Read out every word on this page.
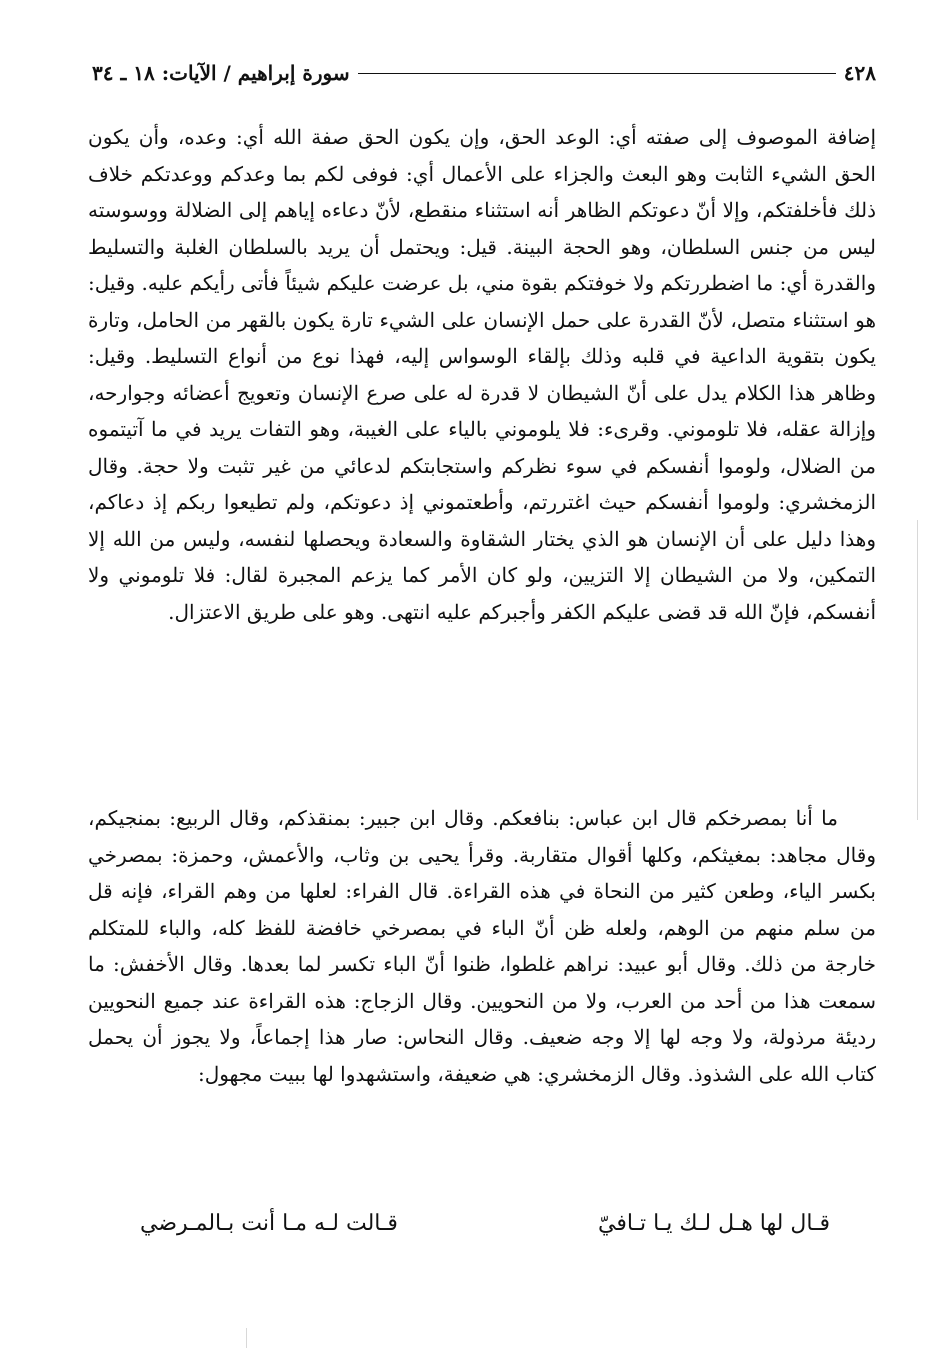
٤٢٨
سورة إبراهيم / الآيات: ١٨ ـ ٣٤

إضافة الموصوف إلى صفته أي: الوعد الحق، وإن يكون الحق صفة الله أي: وعده، وأن يكون الحق الشيء الثابت وهو البعث والجزاء على الأعمال أي: فوفى لكم بما وعدكم ووعدتكم خلاف ذلك فأخلفتكم، وإلا أنّ دعوتكم الظاهر أنه استثناء منقطع، لأنّ دعاءه إياهم إلى الضلالة ووسوسته ليس من جنس السلطان، وهو الحجة البينة. قيل: ويحتمل أن يريد بالسلطان الغلبة والتسليط والقدرة أي: ما اضطررتكم ولا خوفتكم بقوة مني، بل عرضت عليكم شيئاً فأتى رأيكم عليه. وقيل: هو استثناء متصل، لأنّ القدرة على حمل الإنسان على الشيء تارة يكون بالقهر من الحامل، وتارة يكون بتقوية الداعية في قلبه وذلك بإلقاء الوسواس إليه، فهذا نوع من أنواع التسليط. وقيل: وظاهر هذا الكلام يدل على أنّ الشيطان لا قدرة له على صرع الإنسان وتعويج أعضائه وجوارحه، وإزالة عقله، فلا تلوموني. وقرىء: فلا يلوموني بالياء على الغيبة، وهو التفات يريد في ما آتيتموه من الضلال، ولوموا أنفسكم في سوء نظركم واستجابتكم لدعائي من غير تثبت ولا حجة. وقال الزمخشري: ولوموا أنفسكم حيث اغتررتم، وأطعتموني إذ دعوتكم، ولم تطيعوا ربكم إذ دعاكم، وهذا دليل على أن الإنسان هو الذي يختار الشقاوة والسعادة ويحصلها لنفسه، وليس من الله إلا التمكين، ولا من الشيطان إلا التزيين، ولو كان الأمر كما يزعم المجبرة لقال: فلا تلوموني ولا أنفسكم، فإنّ الله قد قضى عليكم الكفر وأجبركم عليه انتهى. وهو على طريق الاعتزال.

ما أنا بمصرخكم قال ابن عباس: بنافعكم. وقال ابن جبير: بمنقذكم، وقال الربيع: بمنجيكم، وقال مجاهد: بمغيثكم، وكلها أقوال متقاربة. وقرأ يحيى بن وثاب، والأعمش، وحمزة: بمصرخي بكسر الياء، وطعن كثير من النحاة في هذه القراءة. قال الفراء: لعلها من وهم القراء، فإنه قل من سلم منهم من الوهم، ولعله ظن أنّ الباء في بمصرخي خافضة للفظ كله، والباء للمتكلم خارجة من ذلك. وقال أبو عبيد: نراهم غلطوا، ظنوا أنّ الباء تكسر لما بعدها. وقال الأخفش: ما سمعت هذا من أحد من العرب، ولا من النحويين. وقال الزجاج: هذه القراءة عند جميع النحويين رديئة مرذولة، ولا وجه لها إلا وجه ضعيف. وقال النحاس: صار هذا إجماعاً، ولا يجوز أن يحمل كتاب الله على الشذوذ. وقال الزمخشري: هي ضعيفة، واستشهدوا لها ببيت مجهول:

قـال لها هـل لـك يـا تـافيّ
قـالت لـه مـا أنت بـالمـرضي
